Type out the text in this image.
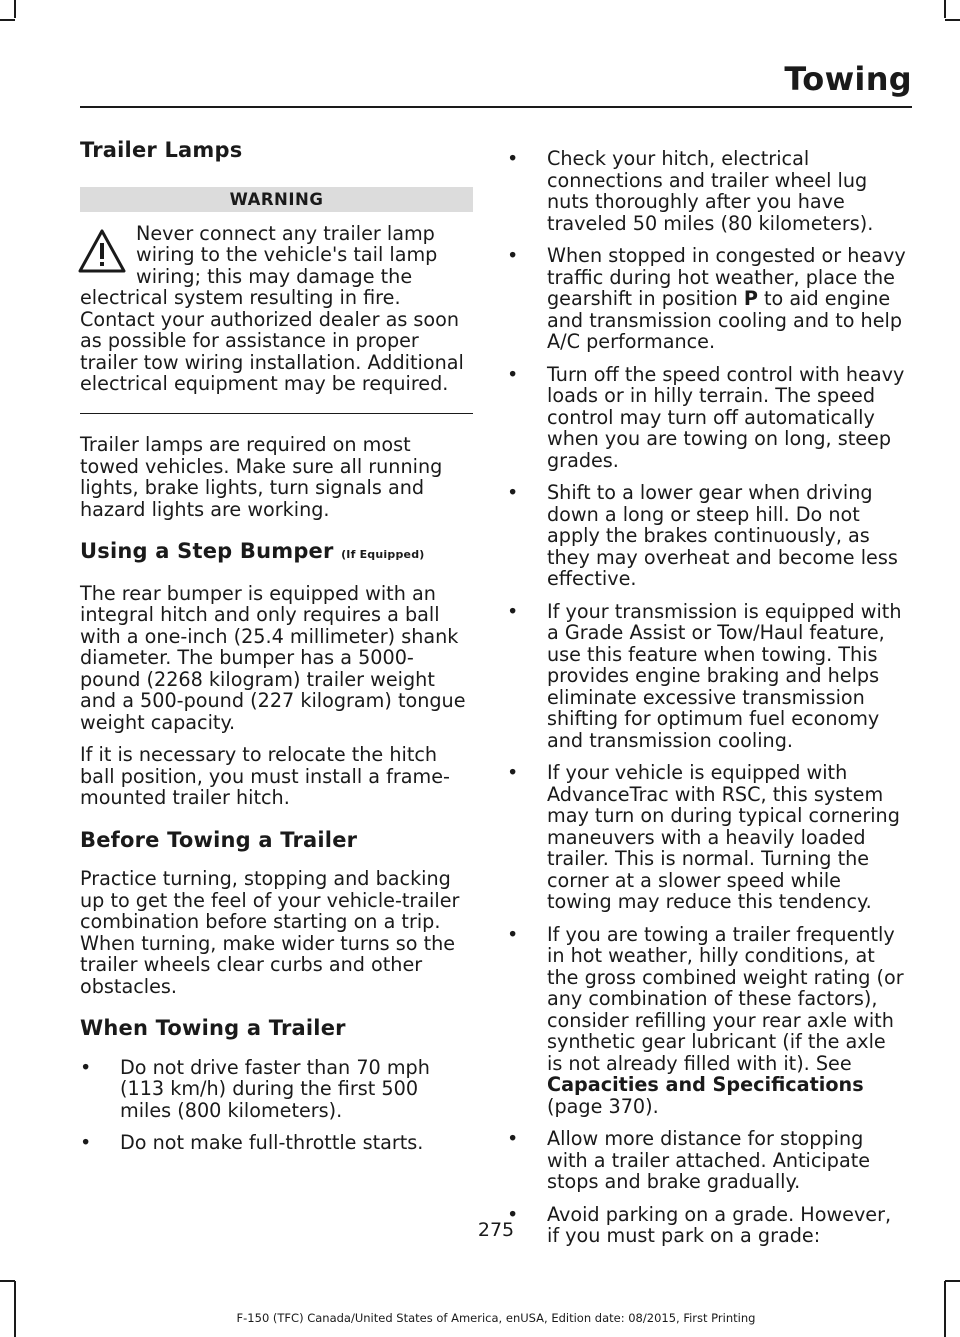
Towing
Trailer Lamps
WARNING

Never connect any trailer lamp wiring to the vehicle's tail lamp wiring; this may damage the electrical system resulting in fire. Contact your authorized dealer as soon as possible for assistance in proper trailer tow wiring installation. Additional electrical equipment may be required.

Trailer lamps are required on most towed vehicles. Make sure all running lights, brake lights, turn signals and hazard lights are working.

Using a Step Bumper (If Equipped)

The rear bumper is equipped with an integral hitch and only requires a ball with a one-inch (25.4 millimeter) shank diameter. The bumper has a 5000-pound (2268 kilogram) trailer weight and a 500-pound (227 kilogram) tongue weight capacity.

If it is necessary to relocate the hitch ball position, you must install a frame-mounted trailer hitch.

Before Towing a Trailer

Practice turning, stopping and backing up to get the feel of your vehicle-trailer combination before starting on a trip. When turning, make wider turns so the trailer wheels clear curbs and other obstacles.

When Towing a Trailer
• Do not drive faster than 70 mph (113 km/h) during the first 500 miles (800 kilometers).
• Do not make full-throttle starts.
• Check your hitch, electrical connections and trailer wheel lug nuts thoroughly after you have traveled 50 miles (80 kilometers).
• When stopped in congested or heavy traffic during hot weather, place the gearshift in position P to aid engine and transmission cooling and to help A/C performance.
• Turn off the speed control with heavy loads or in hilly terrain. The speed control may turn off automatically when you are towing on long, steep grades.
• Shift to a lower gear when driving down a long or steep hill. Do not apply the brakes continuously, as they may overheat and become less effective.
• If your transmission is equipped with a Grade Assist or Tow/Haul feature, use this feature when towing. This provides engine braking and helps eliminate excessive transmission shifting for optimum fuel economy and transmission cooling.
• If your vehicle is equipped with AdvanceTrac with RSC, this system may turn on during typical cornering maneuvers with a heavily loaded trailer. This is normal. Turning the corner at a slower speed while towing may reduce this tendency.
• If you are towing a trailer frequently in hot weather, hilly conditions, at the gross combined weight rating (or any combination of these factors), consider refilling your rear axle with synthetic gear lubricant (if the axle is not already filled with it). See Capacities and Specifications (page 370).
• Allow more distance for stopping with a trailer attached. Anticipate stops and brake gradually.
• Avoid parking on a grade. However, if you must park on a grade:
275
F-150 (TFC) Canada/United States of America, enUSA, Edition date: 08/2015, First Printing
